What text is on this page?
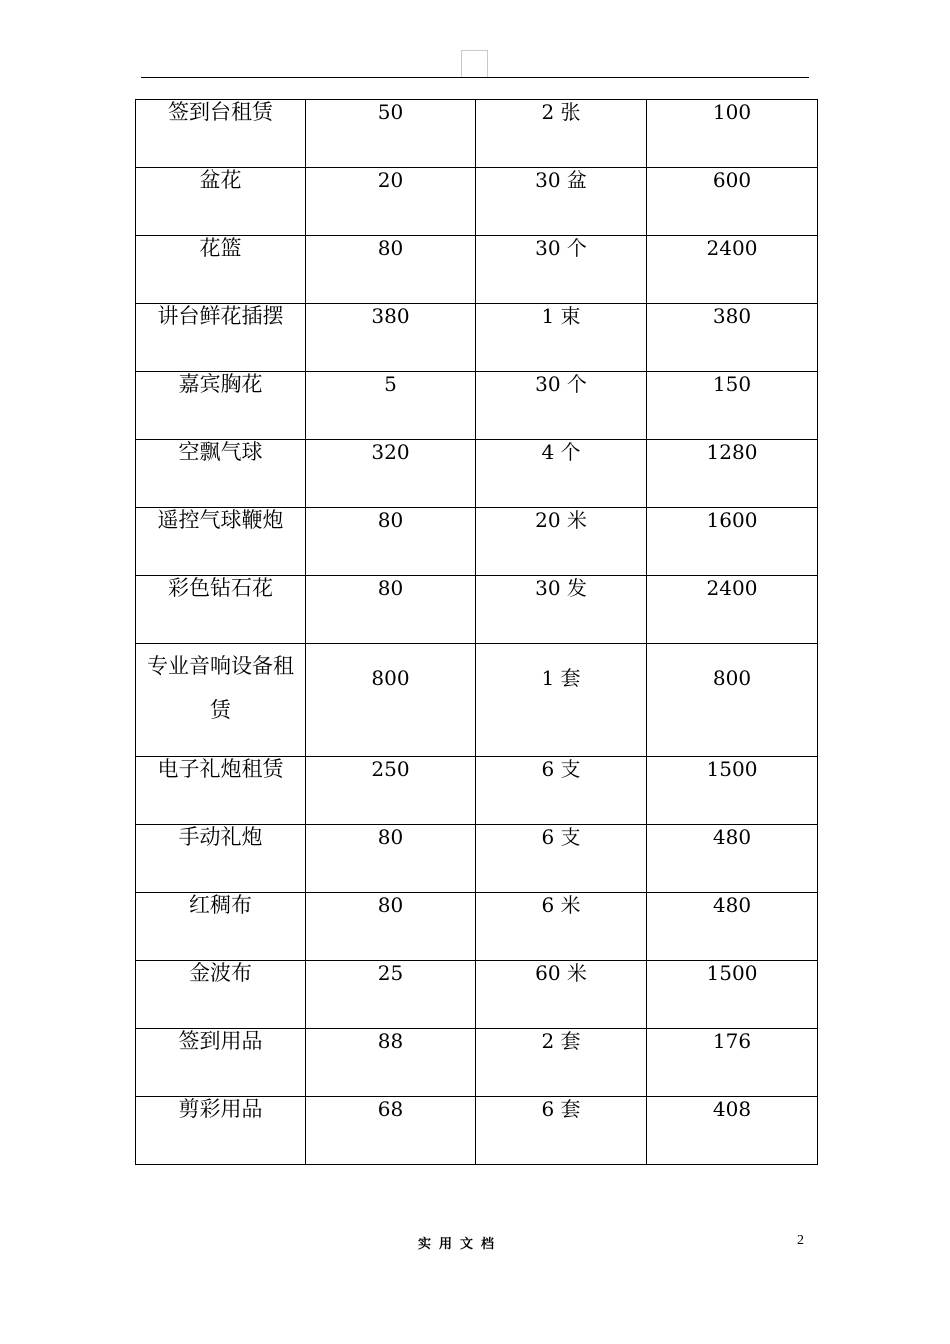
签到台租赁	50	2 张	100
盆花	20	30 盆	600
花篮	80	30 个	2400
讲台鲜花插摆	380	1 束	380
嘉宾胸花	5	30 个	150
空飘气球	320	4 个	1280
遥控气球鞭炮	80	20 米	1600
彩色钻石花	80	30 发	2400
专业音响设备租赁	800	1 套	800
电子礼炮租赁	250	6 支	1500
手动礼炮	80	6 支	480
红稠布	80	6 米	480
金波布	25	60 米	1500
签到用品	88	2 套	176
剪彩用品	68	6 套	408
实用文档	2
